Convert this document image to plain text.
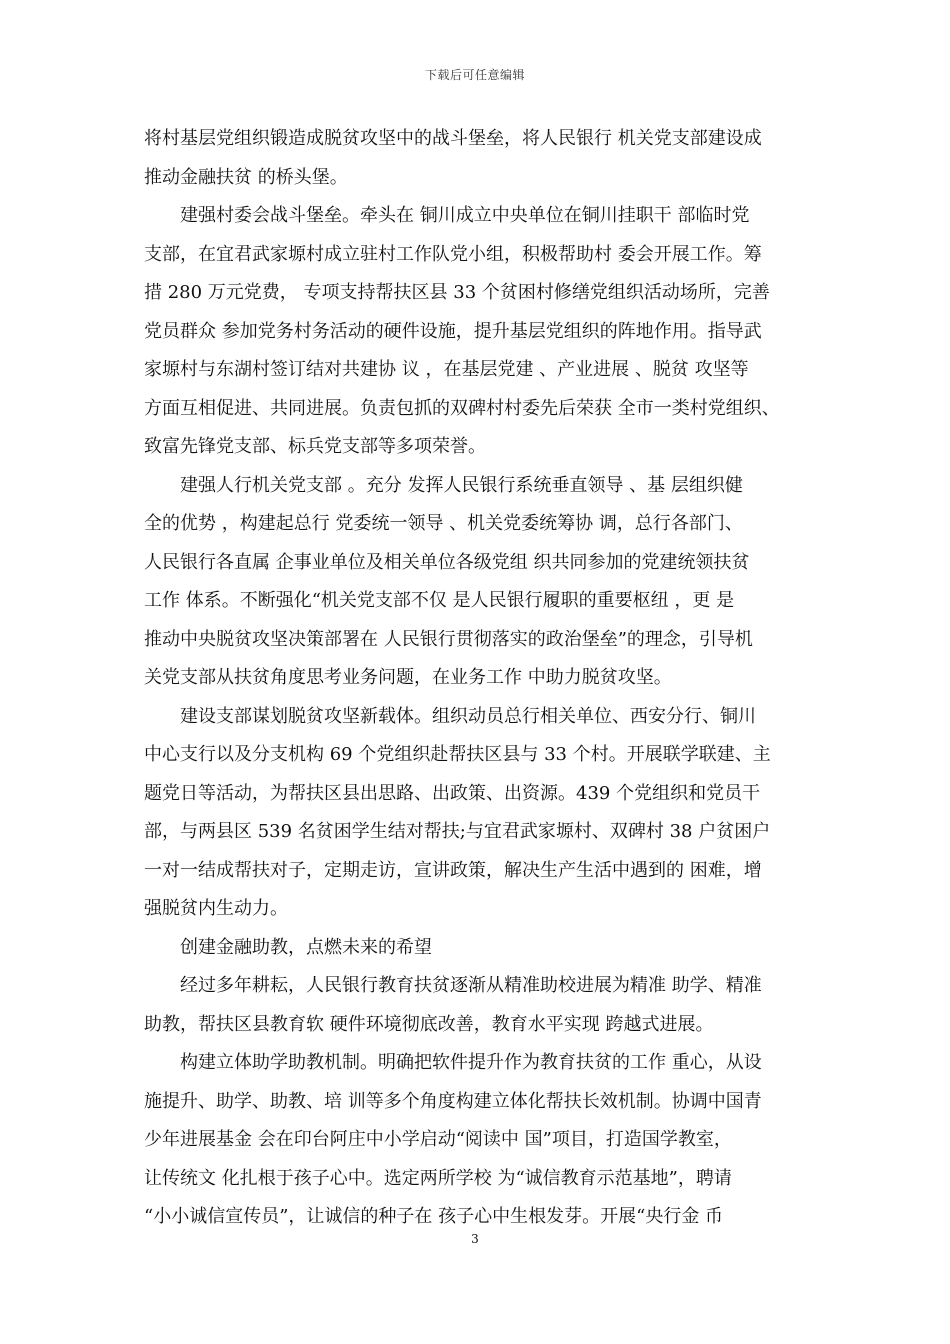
下载后可任意编辑
将村基层党组织锻造成脱贫攻坚中的战斗堡垒，将人民银行 机关党支部建设成
推动金融扶贫 的桥头堡。
建强村委会战斗堡垒。牵头在 铜川成立中央单位在铜川挂职干 部临时党
支部，在宜君武家塬村成立驻村工作队党小组，积极帮助村 委会开展工作。筹
措 280 万元党费， 专项支持帮扶区县 33 个贫困村修缮党组织活动场所，完善
党员群众 参加党务村务活动的硬件设施，提升基层党组织的阵地作用。指导武
家塬村与东湖村签订结对共建协 议 ，在基层党建 、产业进展 、脱贫 攻坚等
方面互相促进、共同进展。负责包抓的双碑村村委先后荣获 全市一类村党组织、
致富先锋党支部、标兵党支部等多项荣誉。
建强人行机关党支部 。充分 发挥人民银行系统垂直领导 、基 层组织健
全的优势 ，构建起总行 党委统一领导 、机关党委统筹协 调，总行各部门、
人民银行各直属 企事业单位及相关单位各级党组 织共同参加的党建统领扶贫
工作 体系。不断强化“机关党支部不仅 是人民银行履职的重要枢纽 ，更 是
推动中央脱贫攻坚决策部署在 人民银行贯彻落实的政治堡垒”的理念，引导机
关党支部从扶贫角度思考业务问题，在业务工作 中助力脱贫攻坚。
建设支部谋划脱贫攻坚新载体。组织动员总行相关单位、西安分行、铜川
中心支行以及分支机构 69 个党组织赴帮扶区县与 33 个村。开展联学联建、主
题党日等活动，为帮扶区县出思路、出政策、出资源。439 个党组织和党员干
部，与两县区 539 名贫困学生结对帮扶;与宜君武家塬村、双碑村 38 户贫困户
一对一结成帮扶对子，定期走访，宣讲政策，解决生产生活中遇到的 困难，增
强脱贫内生动力。
创建金融助教，点燃未来的希望
经过多年耕耘，人民银行教育扶贫逐渐从精准助校进展为精准 助学、精准
助教，帮扶区县教育软 硬件环境彻底改善，教育水平实现 跨越式进展。
构建立体助学助教机制。明确把软件提升作为教育扶贫的工作 重心，从设
施提升、助学、助教、培 训等多个角度构建立体化帮扶长效机制。协调中国青
少年进展基金 会在印台阿庄中小学启动“阅读中 国”项目，打造国学教室，
让传统文 化扎根于孩子心中。选定两所学校 为“诚信教育示范基地”，聘请
“小小诚信宣传员”，让诚信的种子在 孩子心中生根发芽。开展“央行金 币
3
